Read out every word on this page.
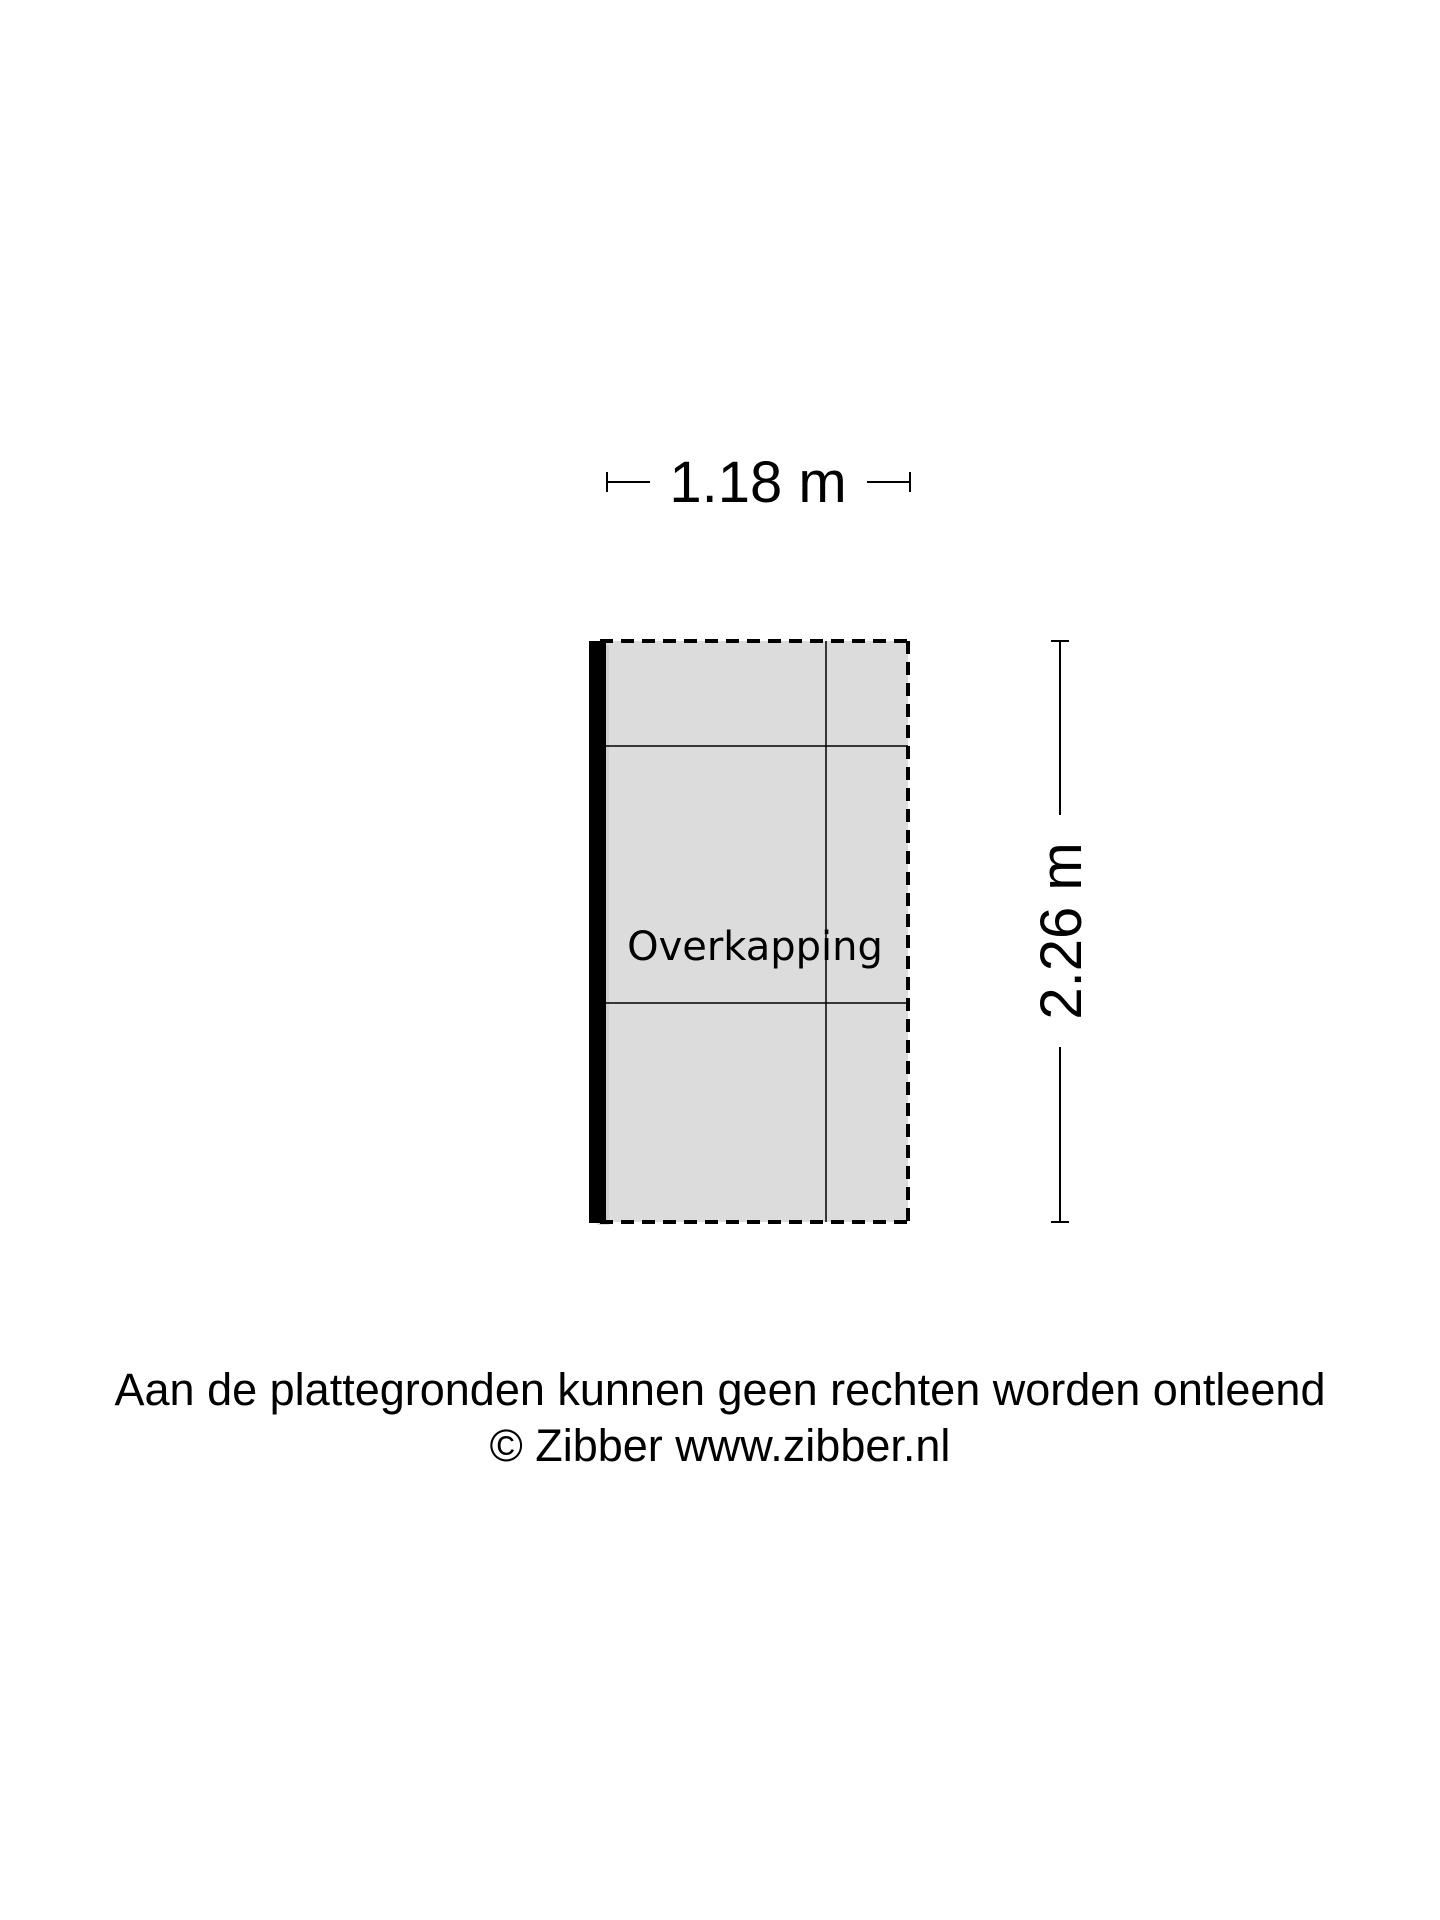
1.18 m
Overkapping	2.26 m
Aan de plattegronden kunnen geen rechten worden ontleend
© Zibber www.zibber.nl
